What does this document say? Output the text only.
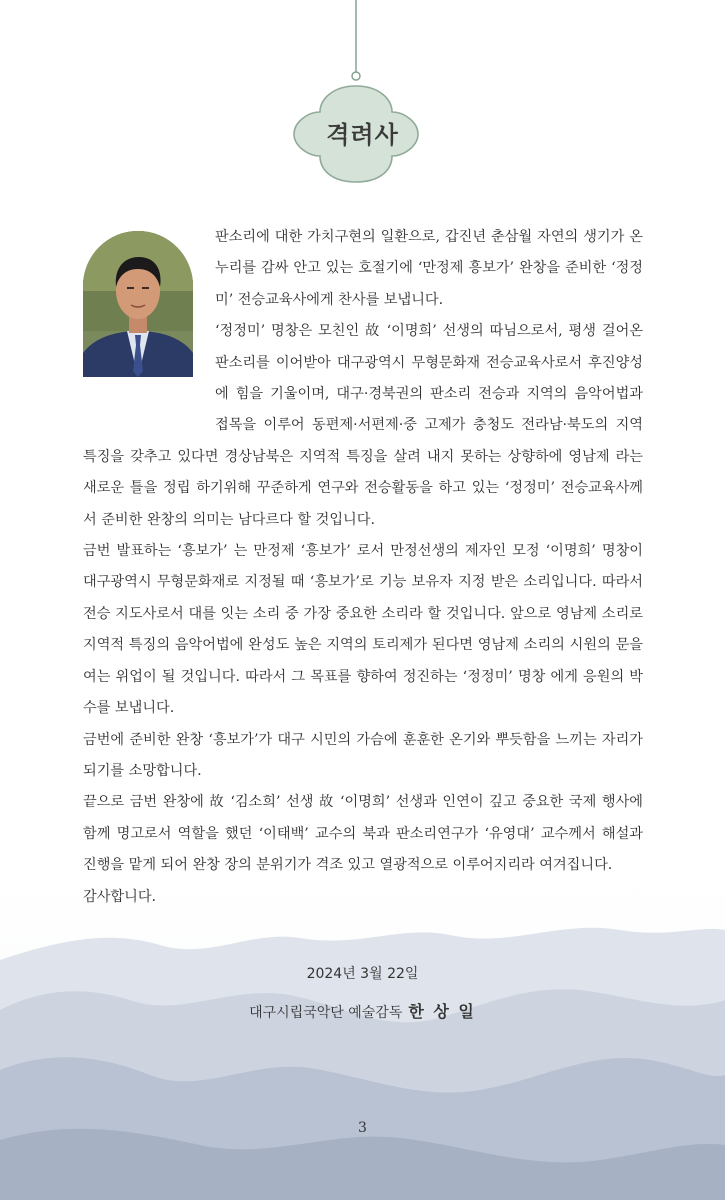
격려사

판소리에 대한 가치구현의 일환으로, 갑진년 춘삼월 자연의 생기가 온 누리를 감싸 안고 있는 호절기에 ‘만정제 흥보가’ 완창을 준비한 ‘정정미’ 전승교육사에게 찬사를 보냅니다.

‘정정미’ 명창은 모친인 故 ‘이명희’ 선생의 따님으로서, 평생 걸어온 판소리를 이어받아 대구광역시 무형문화재 전승교육사로서 후진양성에 힘을 기울이며, 대구·경북권의 판소리 전승과 지역의 음악어법과 접목을 이루어 동편제·서편제·중 고제가 충청도 전라남·북도의 지역 특징을 갖추고 있다면 경상남북은 지역적 특징을 살려 내지 못하는 상향하에 영남제 라는 새로운 틀을 정립 하기위해 꾸준하게 연구와 전승활동을 하고 있는 ‘정정미’ 전승교육사께서 준비한 완창의 의미는 남다르다 할 것입니다.

금번 발표하는 ‘흥보가’ 는 만정제 ‘흥보가’ 로서 만정선생의 제자인 모정 ‘이명희’ 명창이 대구광역시 무형문화재로 지정될 때 ‘흥보가’로 기능 보유자 지정 받은 소리입니다. 따라서 전승 지도사로서 대를 잇는 소리 중 가장 중요한 소리라 할 것입니다. 앞으로 영남제 소리로 지역적 특징의 음악어법에 완성도 높은 지역의 토리제가 된다면 영남제 소리의 시원의 문을 여는 위업이 될 것입니다. 따라서 그 목표를 향하여 정진하는 ‘정정미’ 명창 에게 응원의 박수를 보냅니다.

금번에 준비한 완창 ‘흥보가’가 대구 시민의 가슴에 훈훈한 온기와 뿌듯함을 느끼는 자리가 되기를 소망합니다.

끝으로 금번 완창에 故 ‘김소희’ 선생 故 ‘이명희’ 선생과 인연이 깊고 중요한 국제 행사에 함께 명고로서 역할을 했던 ‘이태백’ 교수의 북과 판소리연구가 ‘유영대’ 교수께서 해설과 진행을 맡게 되어 완창 장의 분위기가 격조 있고 열광적으로 이루어지리라 여겨집니다.

감사합니다.

2024년 3월 22일
대구시립국악단 예술감독 한 상 일
3
